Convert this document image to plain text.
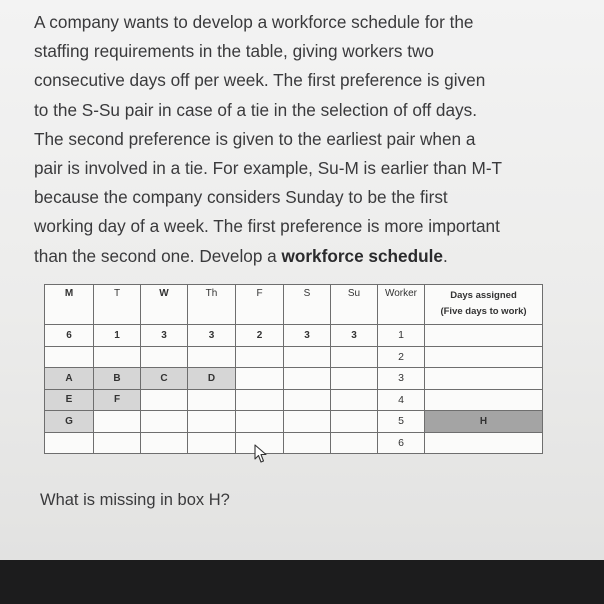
A company wants to develop a workforce schedule for the
staffing requirements in the table, giving workers two
consecutive days off per week. The first preference is given
to the S-Su pair in case of a tie in the selection of off days.
The second preference is given to the earliest pair when a
pair is involved in a tie. For example, Su-M is earlier than M-T
because the company considers Sunday to be the first
working day of a week. The first preference is more important
than the second one. Develop a workforce schedule.
M	T	W	Th	F	S	Su	Worker	Days assigned
(Five days to work)

6	1	3	3	2	3	3	1	
							2	
A	B	C	D				3	
E	F						4	
G							5	H
							6	

What is missing in box H?
